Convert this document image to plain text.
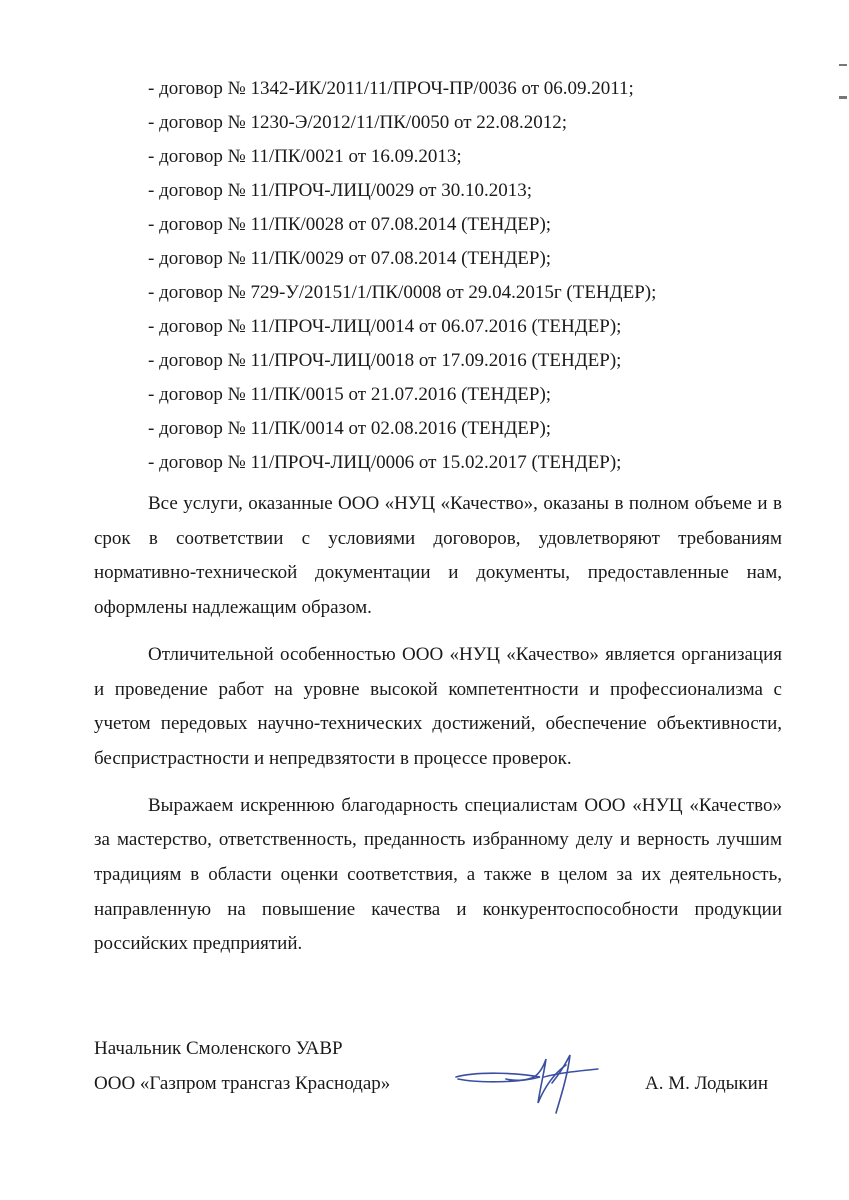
- договор № 1342-ИК/2011/11/ПРОЧ-ПР/0036 от 06.09.2011;
- договор № 1230-Э/2012/11/ПК/0050 от 22.08.2012;
- договор № 11/ПК/0021 от 16.09.2013;
- договор № 11/ПРОЧ-ЛИЦ/0029 от 30.10.2013;
- договор № 11/ПК/0028 от 07.08.2014 (ТЕНДЕР);
- договор № 11/ПК/0029 от 07.08.2014 (ТЕНДЕР);
- договор № 729-У/20151/1/ПК/0008 от 29.04.2015г (ТЕНДЕР);
- договор № 11/ПРОЧ-ЛИЦ/0014 от 06.07.2016 (ТЕНДЕР);
- договор № 11/ПРОЧ-ЛИЦ/0018 от 17.09.2016 (ТЕНДЕР);
- договор № 11/ПК/0015 от 21.07.2016 (ТЕНДЕР);
- договор № 11/ПК/0014 от 02.08.2016 (ТЕНДЕР);
- договор № 11/ПРОЧ-ЛИЦ/0006 от 15.02.2017 (ТЕНДЕР);

Все услуги, оказанные ООО «НУЦ «Качество», оказаны в полном объеме и в срок в соответствии с условиями договоров, удовлетворяют требованиям нормативно-технической документации и документы, предоставленные нам, оформлены надлежащим образом.

Отличительной особенностью ООО «НУЦ «Качество» является организация и проведение работ на уровне высокой компетентности и профессионализма с учетом передовых научно-технических достижений, обеспечение объективности, беспристрастности и непредвзятости в процессе проверок.

Выражаем искреннюю благодарность специалистам ООО «НУЦ «Качество» за мастерство, ответственность, преданность избранному делу и верность лучшим традициям в области оценки соответствия, а также в целом за их деятельность, направленную на повышение качества и конкурентоспособности продукции российских предприятий.

Начальник Смоленского УАВР
ООО «Газпром трансгаз Краснодар»	А. М. Лодыкин
